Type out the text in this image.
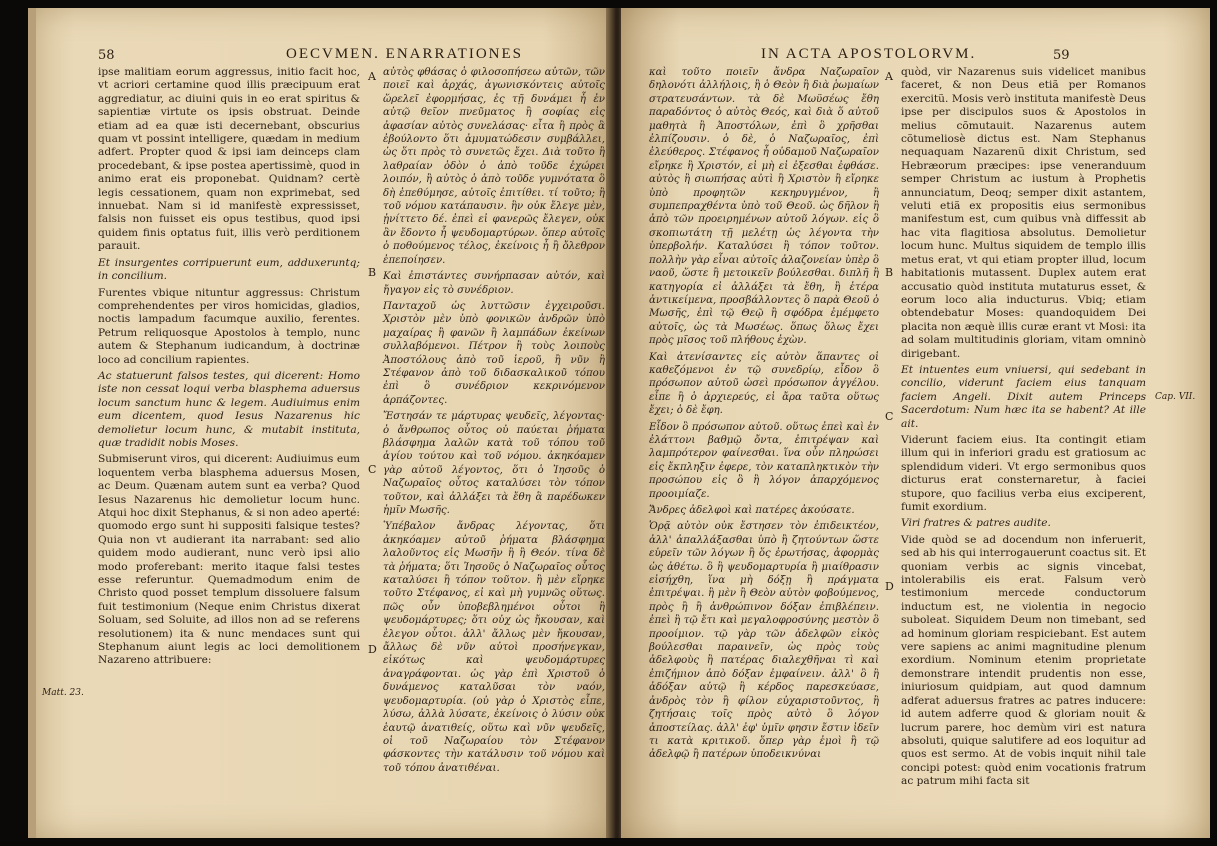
58	OECVMEN. ENARRATIONES

ipse malitiam eorum aggressus, initio facit hoc, vt acriori certamine quod illis præcipuum erat aggrediatur, ac diuini quis in eo erat spiritus & sapientiæ virtute os ipsis obstruat. Deinde etiam ad ea quæ isti decernebant, obscurius quam vt possint intelligere, quædam in medium adfert. Propter quod & ipsi iam deinceps clam procedebant, & ipse postea apertissimè, quod in animo erat eis proponebat. Quidnam? certè legis cessationem, quam non exprimebat, sed innuebat. Nam si id manifestè expressisset, falsis non fuisset eis opus testibus, quod ipsi quidem finis optatus fuit, illis verò perditionem parauit.

Et insurgentes corripuerunt eum, adduxeruntq; in concilium.

Furentes vbique nituntur aggressus: Christum comprehendentes per viros homicidas, gladios, noctis lampadum facumque auxilio, ferentes. Petrum reliquosque Apostolos à templo, nunc autem & Stephanum iudicandum, à doctrinæ loco ad concilium rapientes.

Ac statuerunt falsos testes, qui dicerent: Homo iste non cessat loqui verba blasphema aduersus locum sanctum hunc & legem. Audiuimus enim eum dicentem, quod Iesus Nazarenus hic demolietur locum hunc, & mutabit instituta, quæ tradidit nobis Moses.

Submiserunt viros, qui dicerent: Audiuimus eum loquentem verba blasphema aduersus Mosen, ac Deum. Quænam autem sunt ea verba? Quod Iesus Nazarenus hic demolietur locum hunc. Atqui hoc dixit Stephanus, & si non adeo aperté: quomodo ergo sunt hi suppositi falsique testes? Quia non vt audierant ita narrabant: sed alio quidem modo audierant, nunc verò ipsi alio modo proferebant: merito itaque falsi testes esse referuntur. Quemadmodum enim de Christo quod posset templum dissoluere falsum fuit testimonium (Neque enim Christus dixerat Soluam, sed Soluite, ad illos non ad se referens resolutionem) ita & nunc mendaces sunt qui Stephanum aiunt legis ac loci demolitionem Nazareno attribuere:

A
B
C
D

αὐτὸς φθάσας ὁ φιλοσοπήσεω αὐτῶν, τῶν ποιεῖ καὶ ἀρχάς, ἀγωνισκόντεις αὐτοῖς ὥρελεῖ ἐφορμήσας, ἐς τῇ δυνάμει ἦ ἐν αὐτῷ θεῖον πνεῦματος ἢ σοφίας εἰς ἀφασίαν αὐτὸς συνελάσας· εἶτα ἢ πρὸς ἃ ἐβούλοντο ὅτι ἀμυματώδεσιν συμβάλλει, ὡς ὅτι πρὸς τὸ συνετῶς ἔχει. Διὰ τοῦτο ἢ λαθραίαν ὁδὸν ὁ ἀπὸ τοῦδε ἐχώρει λοιπόν, ἢ αὐτὸς ὁ ἀπὸ τοῦδε γυμνότατα ὃ δὴ ἐπεθύμησε, αὐτοῖς ἐπιτίθει. τί τοῦτο; ἢ τοῦ νόμου κατάπαυσιν. ἣν οὐκ ἔλεγε μὲν, ᾐνίττετο δέ. ἐπεὶ εἰ φανερῶς ἔλεγεν, οὐκ ἂν ἔδοντο ἦ ψευδομαρτύρων. ὅπερ αὐτοῖς ὁ ποθούμενος τέλος, ἐκείνοις ἦ ἢ ὄλεθρον ἐπεποίησεν.

Καὶ ἐπιστάντες συνήρπασαν αὐτόν, καὶ ἤγαγον εἰς τὸ συνέδριον.

Πανταχοῦ ὡς λυττῶσιν ἐγχειροῦσι. Χριστὸν μὲν ὑπὸ φονικῶν ἀνδρῶν ὑπὸ μαχαίρας ἢ φανῶν ἢ λαμπάδων ἐκείνων συλλαβόμενοι. Πέτρον ἢ τοὺς λοιποὺς Ἀποστόλους ἀπὸ τοῦ ἱεροῦ, ἢ νῦν ἢ Στέφανον ἀπὸ τοῦ διδασκαλικοῦ τόπου ἐπὶ ὃ συνέδριον κεκρινόμενον ἁρπάζοντες.

Ἔστησάν τε μάρτυρας ψευδεῖς, λέγοντας· ὁ ἄνθρωπος οὗτος οὐ παύεται ῥήματα βλάσφημα λαλῶν κατὰ τοῦ τόπου τοῦ ἁγίου τούτου καὶ τοῦ νόμου. ἀκηκόαμεν γὰρ αὐτοῦ λέγοντος, ὅτι ὁ Ἰησοῦς ὁ Ναζωραῖος οὗτος καταλύσει τὸν τόπον τοῦτον, καὶ ἀλλάξει τὰ ἔθη ἃ παρέδωκεν ἡμῖν Μωσῆς.

Ὑπέβαλον ἄνδρας λέγοντας, ὅτι ἀκηκόαμεν αὐτοῦ ῥήματα βλάσφημα λαλοῦντος εἰς Μωσῆν ἢ ἢ Θεόν. τίνα δὲ τὰ ῥήματα; ὅτι Ἰησοῦς ὁ Ναζωραῖος οὗτος καταλύσει ἢ τόπον τοῦτον. ἢ μὲν εἴρηκε τοῦτο Στέφανος, εἰ καὶ μὴ γυμνῶς οὕτως. πῶς οὖν ὑποβεβλημένοι οὗτοι ἢ ψευδομάρτυρες; ὅτι οὐχ ὡς ἤκουσαν, καὶ ἐλεγον οὗτοι. ἀλλ' ἄλλως μὲν ἤκουσαν, ἄλλως δὲ νῦν αὐτοὶ προσήνεγκαν, εἰκότως καὶ ψευδομάρτυρες ἀναγράφονται. ὡς γὰρ ἐπὶ Χριστοῦ ὁ δυνάμενος καταλῦσαι τὸν ναόν, ψευδομαρτυρία. (οὐ γὰρ ὁ Χριστὸς εἶπε, λύσω, ἀλλὰ λύσατε, ἐκείνοις ὁ λύσιν οὐκ ἑαυτῷ ἀνατιθείς, οὕτω καὶ νῦν ψευδεῖς, οἱ τοῦ Ναζωραίου τὸν Στέφανον φάσκοντες τὴν κατάλυσιν τοῦ νόμου καὶ τοῦ τόπου ἀνατιθέναι.

Matt. 23.
IN ACTA APOSTOLORVM.	59

καὶ τοῦτο ποιεῖν ἄνδρα Ναζωραῖον δηλονότι ἀλλήλοις, ἢ ὁ Θεὸν ἢ διὰ ῥωμαίων στρατευσάντων. τὰ δὲ Μωϋσέως ἔθη παραδόντος ὁ αὐτὸς Θεός, καὶ διὰ ὅ αὐτοῦ μαθητὰ ἢ Ἀποστόλων, ἐπὶ ὃ χρῆσθαι ἐλπίζουσιν. ὁ δὲ, ὁ Ναζωραῖος, ἐπὶ ἐλεύθερος. Στέφανος ἦ οὐδαμοῦ Ναζωραῖον εἴρηκε ἢ Χριστόν, εἰ μὴ εἰ ἐξεσθαι ἐφθάσε. αὐτὸς ἢ σιωπήσας αὐτὶ ἢ Χριστὸν ἢ εἴρηκε ὑπὸ προφητῶν κεκηρυγμένον, ἢ συμπεπραχθέντα ὑπὸ τοῦ Θεοῦ. ὡς δῆλον ἢ ἀπὸ τῶν προειρημένων αὐτοῦ λόγων. εἰς ὃ σκοπιωτάτη τῇ μελέτῃ ὡς λέγοντα τὴν ὑπερβολήν. Καταλύσει ἢ τόπον τοῦτον. πολλὴν γὰρ εἶναι αὐτοῖς ἀλαζονείαν ὑπὲρ ὃ ναοῦ, ὥστε ἢ μετοικεῖν βούλεσθαι. διπλῆ ἢ κατηγορία εἰ ἀλλάξει τὰ ἔθη, ἢ ἑτέρα ἀντικείμενα, προσβάλλοντες ὃ παρὰ Θεοῦ ὁ Μωσῆς, ἐπὶ τῷ Θεῷ ἢ σφόδρα ἐμέμφετο αὐτοῖς, ὡς τὰ Μωσέως. ὅπως ὅλως ἔχει πρὸς μῖσος τοῦ πλήθους ἐχὼν.

Καὶ ἀτενίσαντες εἰς αὐτὸν ἅπαντες οἱ καθεζόμενοι ἐν τῷ συνεδρίῳ, εἶδον ὃ πρόσωπον αὐτοῦ ὡσεὶ πρόσωπον ἀγγέλου. εἶπε ἢ ὁ ἀρχιερεύς, εἰ ἄρα ταῦτα οὕτως ἔχει; ὁ δὲ ἔφη.

Εἶδον ὃ πρόσωπον αὐτοῦ. οὕτως ἐπεὶ καὶ ἐν ἐλάττονι βαθμῷ ὄντα, ἐπιτρέψαν καὶ λαμπρότερον φαίνεσθαι. ἵνα οὖν πληρώσει εἰς ἔκπληξιν ἐφερε, τὸν καταπληκτικὸν τὴν προσώπου εἰς ὃ ἢ λόγον ἀπαρχόμενος προοιμίαζε.

Ἄνδρες ἀδελφοὶ καὶ πατέρες ἀκούσατε.

Ὁρᾷ αὐτὸν οὐκ ἔστησεν τὸν ἐπιδεικτέον, ἀλλ' ἀπαλλάξασθαι ὑπὸ ἢ ζητούντων ὥστε εὑρεῖν τῶν λόγων ἢ ὅς ἐρωτήσας, ἀφορμὰς ὡς ἀθέτω. ὃ ἢ ψευδομαρτυρία ἢ μιαίθρασιν εἰσήχθη, ἵνα μὴ δόξῃ ἢ πράγματα ἐπιτρέψαι. ἢ μὲν ἢ Θεὸν αὐτὸν φοβούμενος, πρὸς ἢ ἢ ἀνθρώπινον δόξαν ἐπιβλέπειν. ἐπεὶ ἢ τῷ ἔτι καὶ μεγαλοφροσύνης μεστὸν ὃ προοίμιον. τῷ γὰρ τῶν ἀδελφῶν εἰκὸς βούλεσθαι παραινεῖν, ὡς πρὸς τοὺς ἀδελφοὺς ἢ πατέρας διαλεχθῆναι τὶ καὶ ἐπιζήμιον ἀπὸ δόξαν ἐμφαίνειν. ἀλλ' ὃ ἢ ἀδόξαν αὐτῷ ἢ κέρδος παρεσκεύασε, ἀνδρὸς τὸν ἢ φίλον εὐχαριστοῦντος, ἢ ζητήσαις τοῖς πρὸς αὐτὸ ὃ λόγον ἀποστείλας. ἀλλ' ἐφ' ὑμῖν φησιν ἔστιν ἰδεῖν τι κατὰ κριτικοῦ. ὅπερ γὰρ ἐμοὶ ἢ τῷ ἀδελφῷ ἢ πατέρων ὑποδεικνύναι

A
B
C
D

quòd, vir Nazarenus suis videlicet manibus faceret, & non Deus etiã per Romanos exercitũ. Mosis verò instituta manifestè Deus ipse per discipulos suos & Apostolos in melius cõmutauit. Nazarenus autem cõtumeliosè dictus est. Nam Stephanus nequaquam Nazarenũ dixit Christum, sed Hebræorum præcipes: ipse veneranduum semper Christum ac iustum à Prophetis annunciatum, Deoq; semper dixit astantem, veluti etiã ex propositis eius sermonibus manifestum est, cum quibus vnà diffessit ab hac vita flagitiosa absolutus. Demolietur locum hunc. Multus siquidem de templo illis metus erat, vt qui etiam propter illud, locum habitationis mutassent. Duplex autem erat accusatio quòd instituta mutaturus esset, & eorum loco alia inducturus. Vbiq; etiam obtendebatur Moses: quandoquidem Dei placita non æquè illis curæ erant vt Mosi: ita ad solam multitudinis gloriam, vitam omninò dirigebant.

Et intuentes eum vniuersi, qui sedebant in concilio, viderunt faciem eius tanquam faciem Angeli. Dixit autem Princeps Sacerdotum: Num hæc ita se habent? At ille ait.

Viderunt faciem eius. Ita contingit etiam illum qui in inferiori gradu est gratiosum ac splendidum videri. Vt ergo sermonibus quos dicturus erat consternaretur, à faciei stupore, quo facilius verba eius exciperent, fumit exordium.

Viri fratres & patres audite.

Vide quòd se ad docendum non inferuerit, sed ab his qui interrogauerunt coactus sit. Et quoniam verbis ac signis vincebat, intolerabilis eis erat. Falsum verò testimonium mercede conductorum inductum est, ne violentia in negocio suboleat. Siquidem Deum non timebant, sed ad hominum gloriam respiciebant. Est autem vere sapiens ac animi magnitudine plenum exordium. Nominum etenim proprietate demonstrare intendit prudentis non esse, iniuriosum quidpiam, aut quod damnum adferat aduersus fratres ac patres inducere: id autem adferre quod & gloriam nouit & lucrum parere, hoc demùm viri est natura absoluti, quique salutifere ad eos loquitur ad quos est sermo. At de vobis inquit nihil tale concipi potest: quòd enim vocationis fratrum ac patrum mihi facta sit

Cap. VII.
